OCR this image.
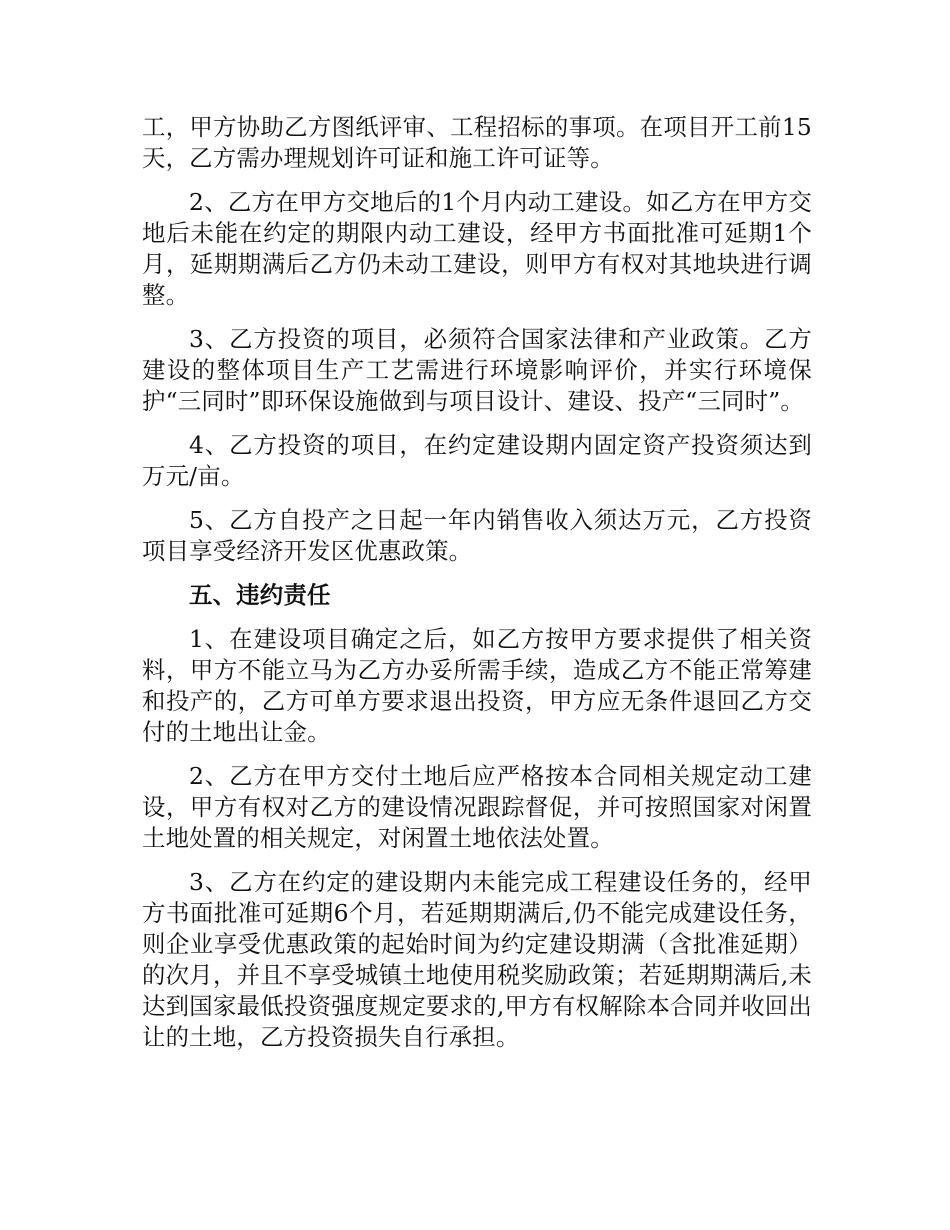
工，甲方协助乙方图纸评审、工程招标的事项。在项目开工前15天，乙方需办理规划许可证和施工许可证等。

2、乙方在甲方交地后的1个月内动工建设。如乙方在甲方交地后未能在约定的期限内动工建设，经甲方书面批准可延期1个月，延期期满后乙方仍未动工建设，则甲方有权对其地块进行调整。

3、乙方投资的项目，必须符合国家法律和产业政策。乙方建设的整体项目生产工艺需进行环境影响评价，并实行环境保护“三同时”即环保设施做到与项目设计、建设、投产“三同时”。

4、乙方投资的项目，在约定建设期内固定资产投资须达到万元/亩。

5、乙方自投产之日起一年内销售收入须达万元，乙方投资项目享受经济开发区优惠政策。

五、违约责任

1、在建设项目确定之后，如乙方按甲方要求提供了相关资料，甲方不能立马为乙方办妥所需手续，造成乙方不能正常筹建和投产的，乙方可单方要求退出投资，甲方应无条件退回乙方交付的土地出让金。

2、乙方在甲方交付土地后应严格按本合同相关规定动工建设，甲方有权对乙方的建设情况跟踪督促，并可按照国家对闲置土地处置的相关规定，对闲置土地依法处置。

3、乙方在约定的建设期内未能完成工程建设任务的，经甲方书面批准可延期6个月，若延期期满后,仍不能完成建设任务，则企业享受优惠政策的起始时间为约定建设期满（含批准延期）的次月，并且不享受城镇土地使用税奖励政策；若延期期满后,未达到国家最低投资强度规定要求的,甲方有权解除本合同并收回出让的土地，乙方投资损失自行承担。
